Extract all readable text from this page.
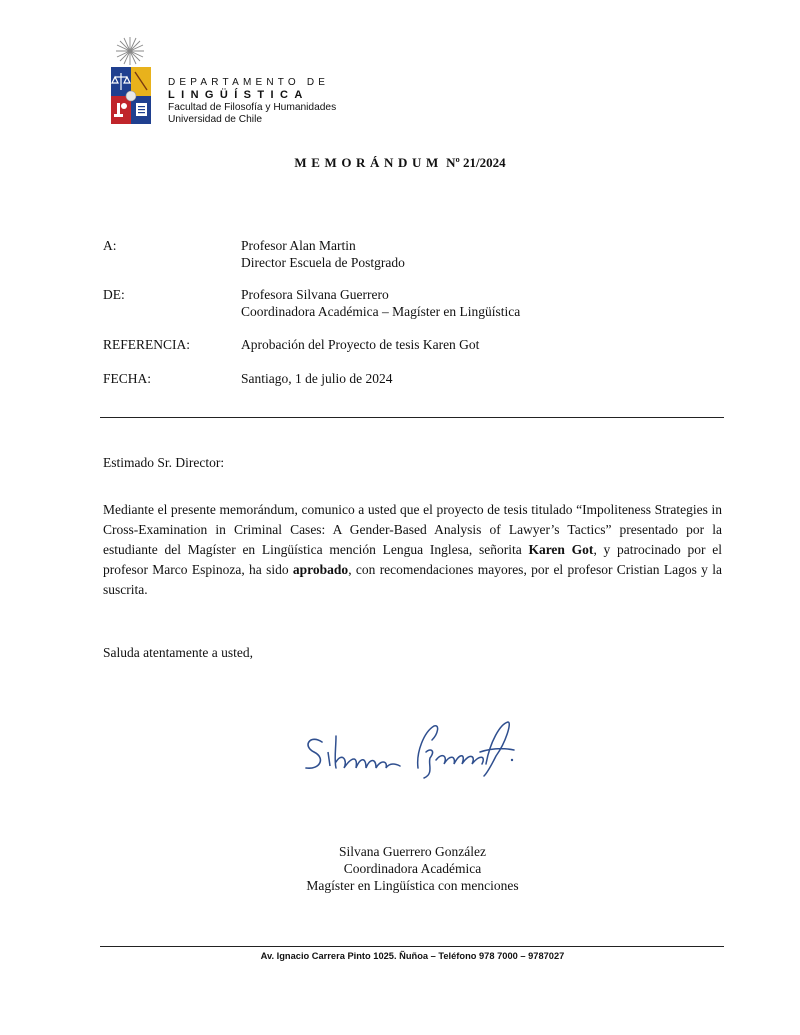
DEPARTAMENTO DE
LINGÜÍSTICA
Facultad de Filosofía y Humanidades
Universidad de Chile
MEMORÁNDUM Nº 21/2024
A:	Profesor Alan Martin
Director Escuela de Postgrado
DE:	Profesora Silvana Guerrero
Coordinadora Académica – Magíster en Lingüística
REFERENCIA:	Aprobación del Proyecto de tesis Karen Got
FECHA:	Santiago, 1 de julio de 2024
Estimado Sr. Director:
Mediante el presente memorándum, comunico a usted que el proyecto de tesis titulado “Impoliteness Strategies in Cross-Examination in Criminal Cases: A Gender-Based Analysis of Lawyer’s Tactics” presentado por la estudiante del Magíster en Lingüística mención Lengua Inglesa, señorita Karen Got, y patrocinado por el profesor Marco Espinoza, ha sido aprobado, con recomendaciones mayores, por el profesor Cristian Lagos y la suscrita.
Saluda atentamente a usted,
Silvana Guerrero González
Coordinadora Académica
Magíster en Lingüística con menciones
Av. Ignacio Carrera Pinto 1025. Ñuñoa – Teléfono 978 7000 – 9787027
